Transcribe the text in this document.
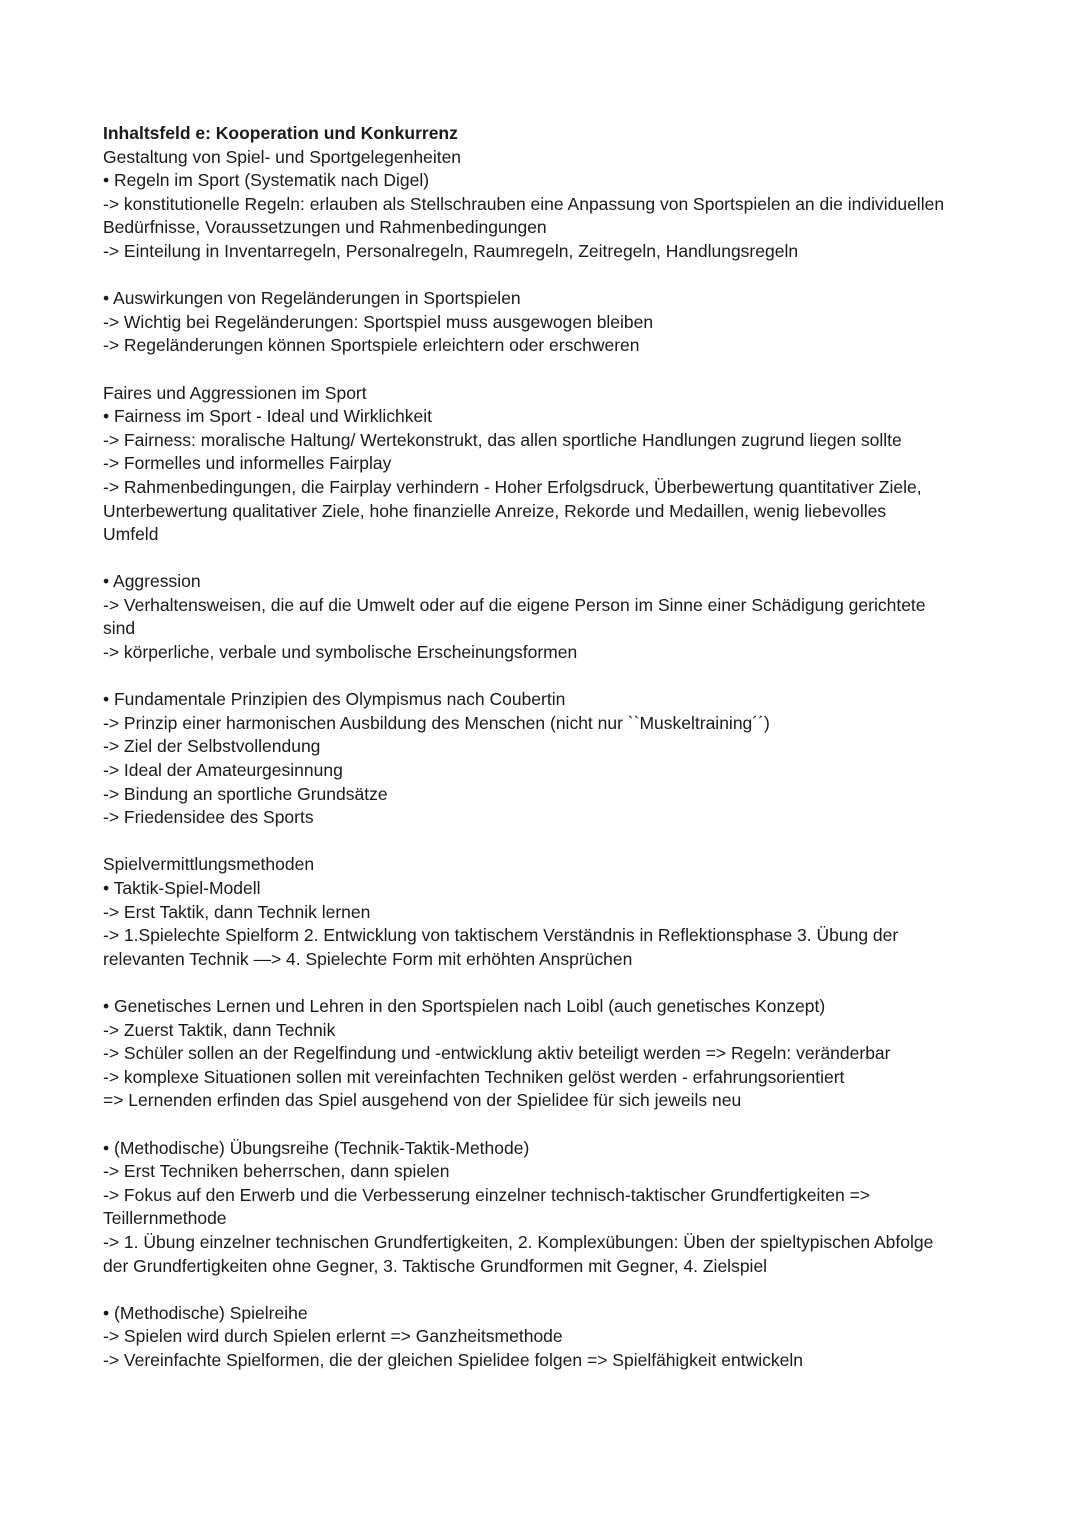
Inhaltsfeld e: Kooperation und Konkurrenz
Gestaltung von Spiel- und Sportgelegenheiten
• Regeln im Sport (Systematik nach Digel)
-> konstitutionelle Regeln: erlauben als Stellschrauben eine Anpassung von Sportspielen an die individuellen
Bedürfnisse, Voraussetzungen und Rahmenbedingungen
-> Einteilung in Inventarregeln, Personalregeln, Raumregeln, Zeitregeln, Handlungsregeln
• Auswirkungen von Regeländerungen in Sportspielen
-> Wichtig bei Regeländerungen: Sportspiel muss ausgewogen bleiben
-> Regeländerungen können Sportspiele erleichtern oder erschweren
Faires und Aggressionen im Sport
• Fairness im Sport - Ideal und Wirklichkeit
-> Fairness: moralische Haltung/ Wertekonstrukt, das allen sportliche Handlungen zugrund liegen sollte
-> Formelles und informelles Fairplay
-> Rahmenbedingungen, die Fairplay verhindern - Hoher Erfolgsdruck, Überbewertung quantitativer Ziele,
Unterbewertung qualitativer Ziele, hohe finanzielle Anreize, Rekorde und Medaillen, wenig liebevolles
Umfeld
• Aggression
-> Verhaltensweisen, die auf die Umwelt oder auf die eigene Person im Sinne einer Schädigung gerichtete
sind
-> körperliche, verbale und symbolische Erscheinungsformen
• Fundamentale Prinzipien des Olympismus nach Coubertin
-> Prinzip einer harmonischen Ausbildung des Menschen (nicht nur ``Muskeltraining´´)
-> Ziel der Selbstvollendung
-> Ideal der Amateurgesinnung
-> Bindung an sportliche Grundsätze
-> Friedensidee des Sports
Spielvermittlungsmethoden
• Taktik-Spiel-Modell
-> Erst Taktik, dann Technik lernen
-> 1.Spielechte Spielform 2. Entwicklung von taktischem Verständnis in Reflektionsphase 3. Übung der
relevanten Technik —> 4. Spielechte Form mit erhöhten Ansprüchen
• Genetisches Lernen und Lehren in den Sportspielen nach Loibl (auch genetisches Konzept)
-> Zuerst Taktik, dann Technik
-> Schüler sollen an der Regelfindung und -entwicklung aktiv beteiligt werden => Regeln: veränderbar
-> komplexe Situationen sollen mit vereinfachten Techniken gelöst werden - erfahrungsorientiert
=> Lernenden erfinden das Spiel ausgehend von der Spielidee für sich jeweils neu
• (Methodische) Übungsreihe (Technik-Taktik-Methode)
-> Erst Techniken beherrschen, dann spielen
-> Fokus auf den Erwerb und die Verbesserung einzelner technisch-taktischer Grundfertigkeiten =>
Teillernmethode
-> 1. Übung einzelner technischen Grundfertigkeiten, 2. Komplexübungen: Üben der spieltypischen Abfolge
der Grundfertigkeiten ohne Gegner, 3. Taktische Grundformen mit Gegner, 4. Zielspiel
• (Methodische) Spielreihe
-> Spielen wird durch Spielen erlernt => Ganzheitsmethode
-> Vereinfachte Spielformen, die der gleichen Spielidee folgen => Spielfähigkeit entwickeln
